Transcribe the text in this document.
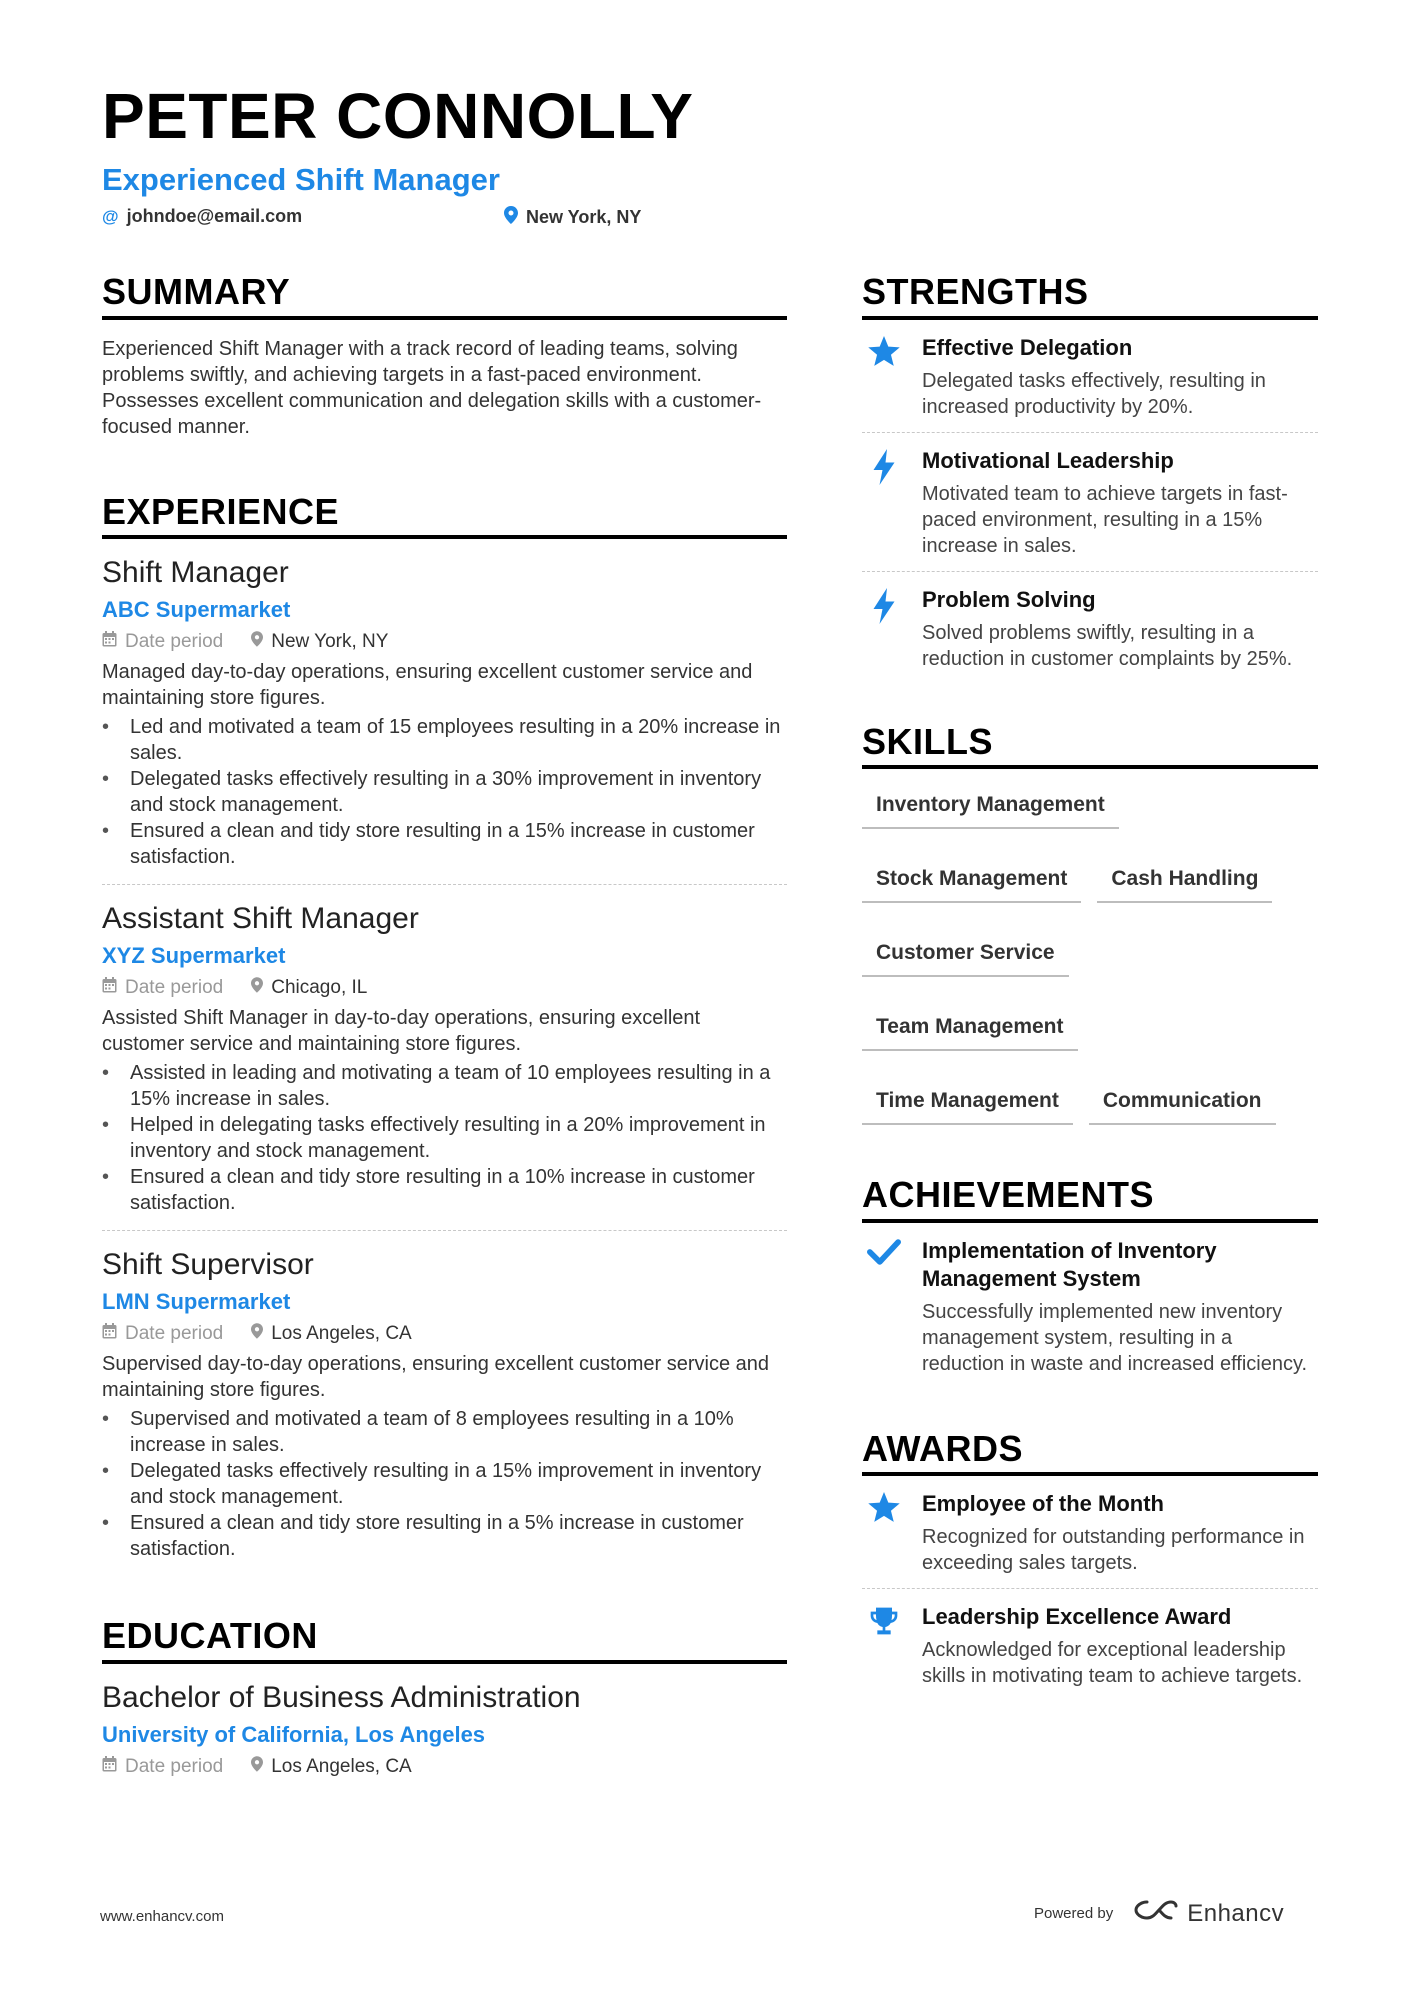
PETER CONNOLLY
Experienced Shift Manager
@ johndoe@email.com	New York, NY
SUMMARY

Experienced Shift Manager with a track record of leading teams, solving problems swiftly, and achieving targets in a fast-paced environment. Possesses excellent communication and delegation skills with a customer-focused manner.

EXPERIENCE
Shift Manager
ABC Supermarket
Date period	New York, NY

Managed day-to-day operations, ensuring excellent customer service and maintaining store figures.

• Led and motivated a team of 15 employees resulting in a 20% increase in sales.
• Delegated tasks effectively resulting in a 30% improvement in inventory and stock management.
• Ensured a clean and tidy store resulting in a 15% increase in customer satisfaction.
Assistant Shift Manager
XYZ Supermarket
Date period	Chicago, IL

Assisted Shift Manager in day-to-day operations, ensuring excellent customer service and maintaining store figures.

• Assisted in leading and motivating a team of 10 employees resulting in a 15% increase in sales.
• Helped in delegating tasks effectively resulting in a 20% improvement in inventory and stock management.
• Ensured a clean and tidy store resulting in a 10% increase in customer satisfaction.
Shift Supervisor
LMN Supermarket
Date period	Los Angeles, CA

Supervised day-to-day operations, ensuring excellent customer service and maintaining store figures.

• Supervised and motivated a team of 8 employees resulting in a 10% increase in sales.
• Delegated tasks effectively resulting in a 15% improvement in inventory and stock management.
• Ensured a clean and tidy store resulting in a 5% increase in customer satisfaction.
EDUCATION
Bachelor of Business Administration
University of California, Los Angeles
Date period	Los Angeles, CA
STRENGTHS
Effective Delegation
Delegated tasks effectively, resulting in increased productivity by 20%.
Motivational Leadership
Motivated team to achieve targets in fast-paced environment, resulting in a 15% increase in sales.
Problem Solving
Solved problems swiftly, resulting in a reduction in customer complaints by 25%.
SKILLS
Inventory Management
Stock Management	Cash Handling
Customer Service
Team Management
Time Management	Communication
ACHIEVEMENTS
Implementation of Inventory Management System
Successfully implemented new inventory management system, resulting in a reduction in waste and increased efficiency.
AWARDS
Employee of the Month
Recognized for outstanding performance in exceeding sales targets.
Leadership Excellence Award
Acknowledged for exceptional leadership skills in motivating team to achieve targets.
www.enhancv.com	Powered by	Enhancv
